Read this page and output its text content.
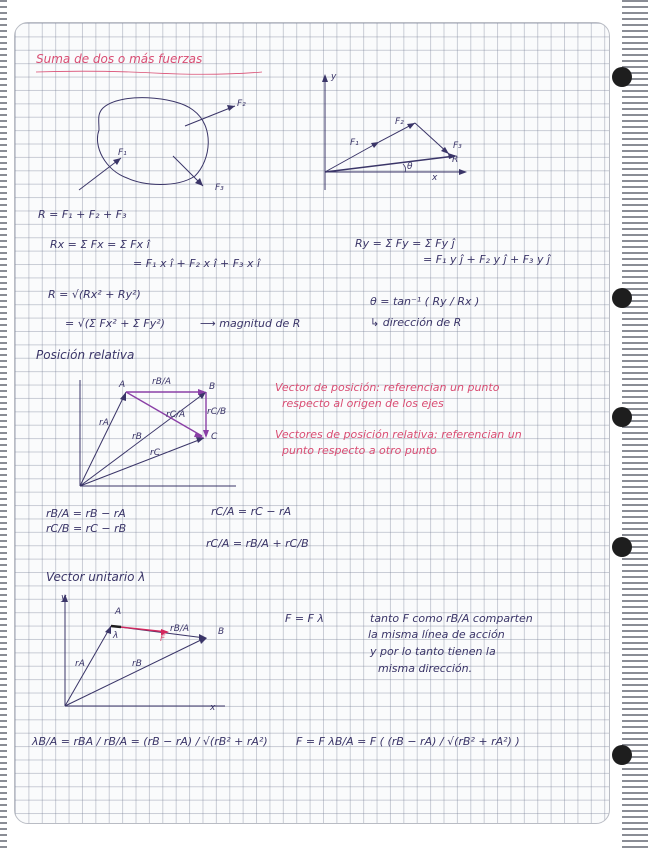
Suma de dos o más fuerzas
F₂
F₁
F₃
y
x
F₁
F₂
F₃
R
θ
R = F₁ + F₂ + F₃
Rx = Σ Fx = Σ Fx î
= F₁ x î + F₂ x î + F₃ x î
Ry = Σ Fy = Σ Fy ĵ
= F₁ y ĵ + F₂ y ĵ + F₃ y ĵ
R = √(Rx² + Ry²)
= √(Σ Fx² + Σ Fy²)	⟶ magnitud de R
θ = tan⁻¹ ( Ry / Rx )
↳ dirección de R
Posición relativa
A	B
C
rB/A
rC/A rC/B
rA
rB
rC
Vector de posición: referencian un punto
respecto al origen de los ejes
Vectores de posición relativa: referencian un
punto respecto a otro punto
rB/A = rB − rA
rC/B = rC − rB
rC/A = rC − rA
rC/A = rB/A + rC/B
Vector unitario λ
y
x
A
B
λ	F
rB/A
rA	rB
F = F λ	tanto F como rB/A comparten
la misma línea de acción
y por lo tanto tienen la
misma dirección.
λB/A = rBA / rB/A = (rB − rA) / √(rB² + rA²)	F = F λB/A = F ( (rB − rA) / √(rB² + rA²) )
